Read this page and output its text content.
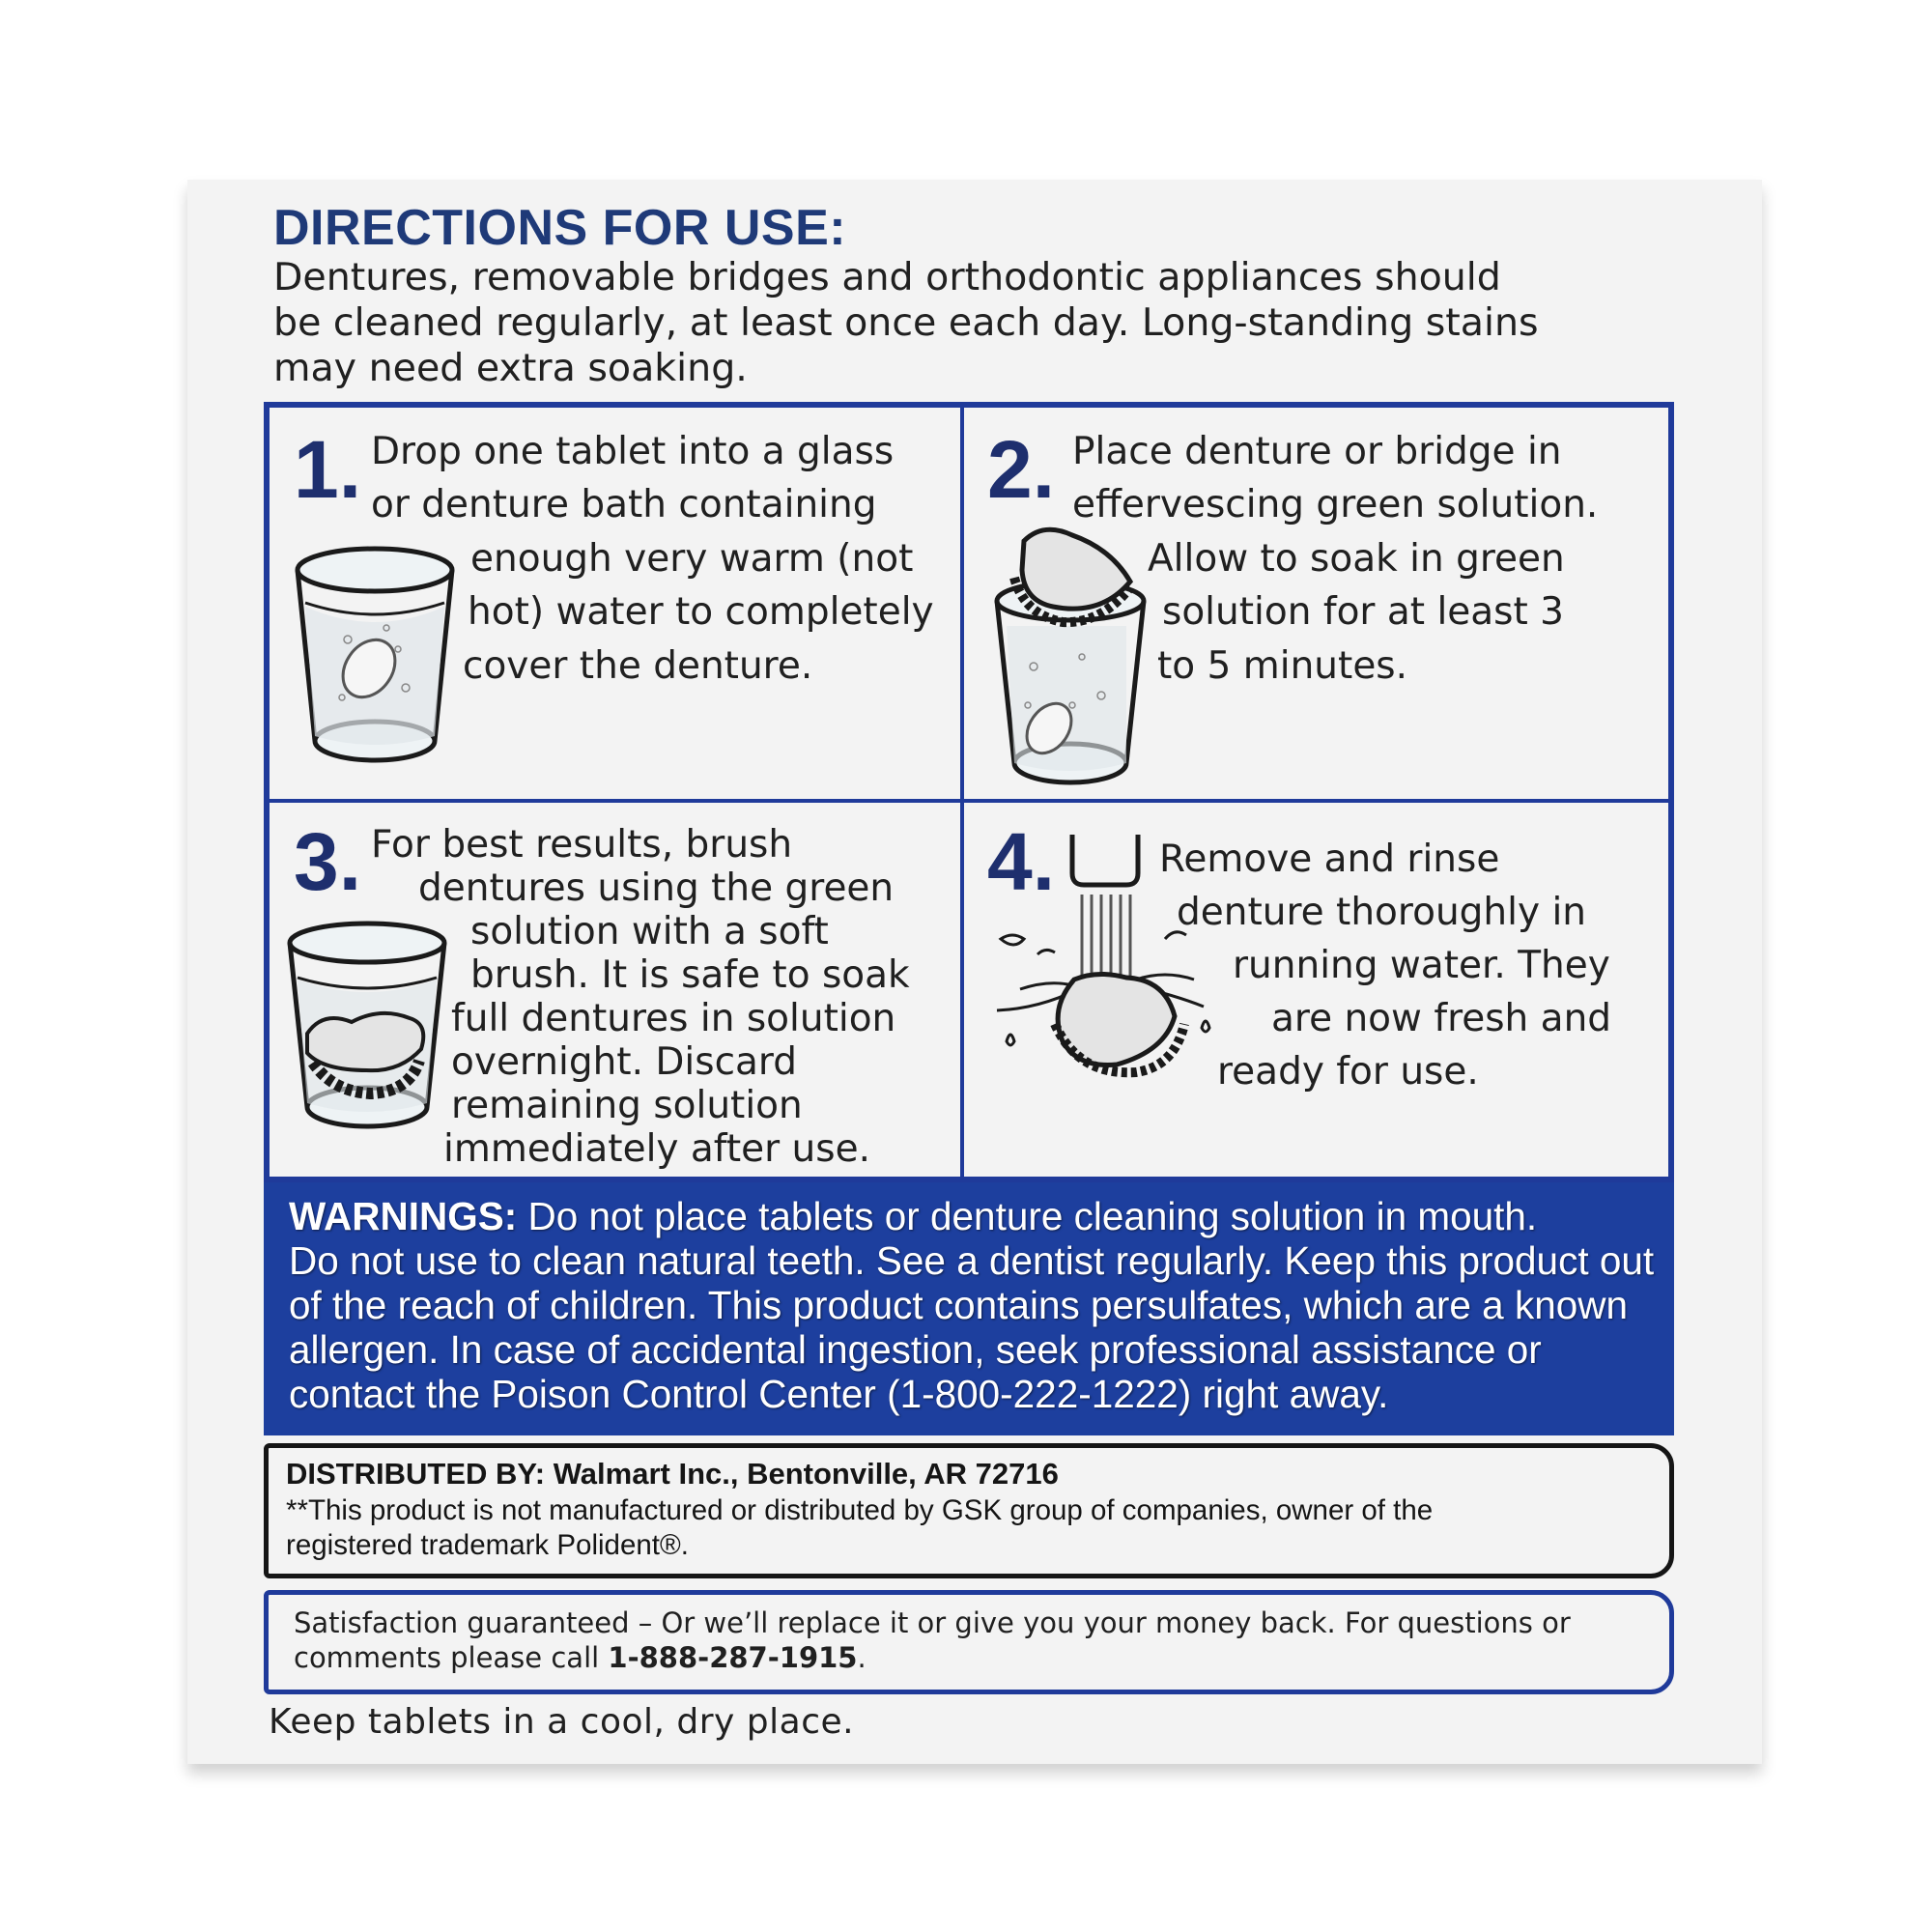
DIRECTIONS FOR USE:
Dentures, removable bridges and orthodontic appliances should
be cleaned regularly, at least once each day. Long-standing stains
may need extra soaking.
1. Drop one tablet into a glass
or denture bath containing
enough very warm (not
hot) water to completely
cover the denture.
2. Place denture or bridge in
effervescing green solution.
Allow to soak in green
solution for at least 3
to 5 minutes.
3. For best results, brush
dentures using the green
solution with a soft
brush. It is safe to soak
full dentures in solution
overnight. Discard
remaining solution
immediately after use.
4.	Remove and rinse
denture thoroughly in
running water. They
are now fresh and
ready for use.
WARNINGS: Do not place tablets or denture cleaning solution in mouth.
Do not use to clean natural teeth. See a dentist regularly. Keep this product out
of the reach of children. This product contains persulfates, which are a known
allergen. In case of accidental ingestion, seek professional assistance or
contact the Poison Control Center (1-800-222-1222) right away.
DISTRIBUTED BY: Walmart Inc., Bentonville, AR 72716
**This product is not manufactured or distributed by GSK group of companies, owner of the
registered trademark Polident®.
Satisfaction guaranteed – Or we’ll replace it or give you your money back. For questions or
comments please call 1-888-287-1915.
Keep tablets in a cool, dry place.
